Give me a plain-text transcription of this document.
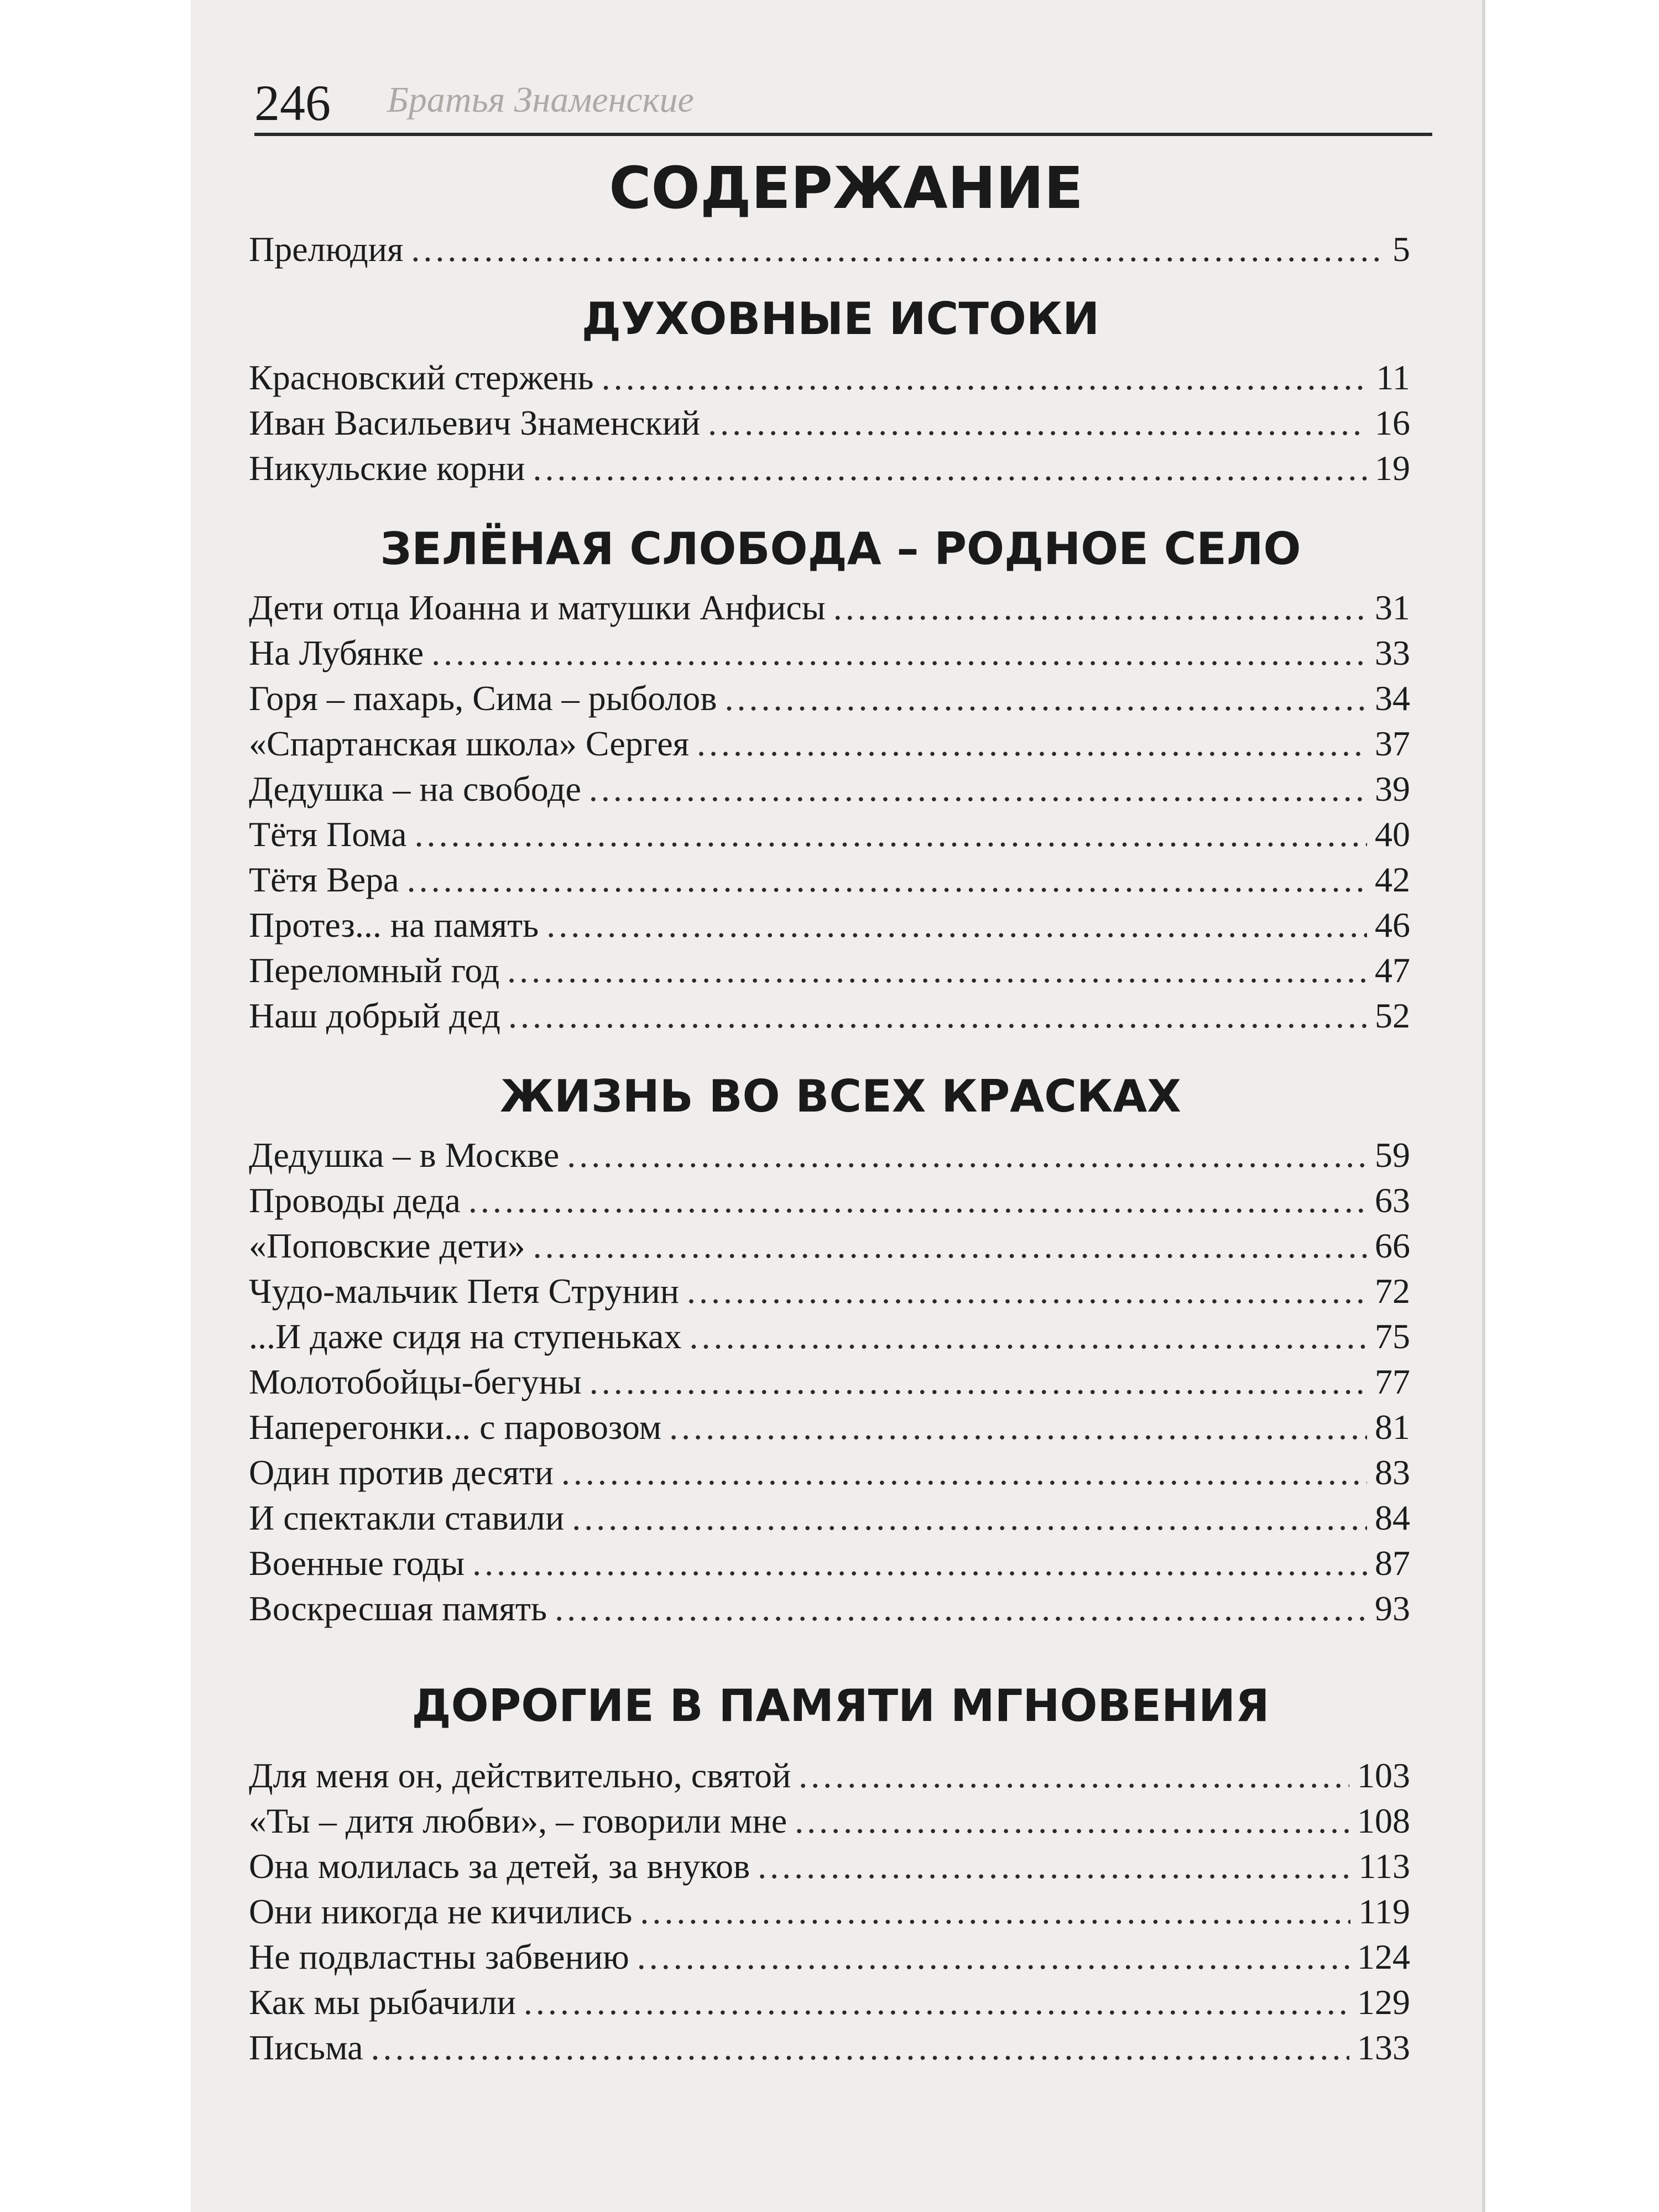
246 Братья Знаменские
СОДЕРЖАНИЕ
Прелюдия .....	5
ДУХОВНЫЕ ИСТОКИ
Красновский стержень .....	11
Иван Васильевич Знаменский .....	16
Никульские корни .....	19
ЗЕЛЁНАЯ СЛОБОДА – РОДНОЕ СЕЛО
Дети отца Иоанна и матушки Анфисы .....	31
На Лубянке .....	33
Горя – пахарь, Сима – рыболов .....	34
«Спартанская школа» Сергея .....	37
Дедушка – на свободе .....	39
Тётя Пома .....	40
Тётя Вера .....	42
Протез... на память .....	46
Переломный год .....	47
Наш добрый дед .....	52
ЖИЗНЬ ВО ВСЕХ КРАСКАХ
Дедушка – в Москве .....	59
Проводы деда .....	63
«Поповские дети» .....	66
Чудо-мальчик Петя Струнин .....	72
...И даже сидя на ступеньках .....	75
Молотобойцы-бегуны .....	77
Наперегонки... с паровозом .....	81
Один против десяти .....	83
И спектакли ставили .....	84
Военные годы .....	87
Воскресшая память .....	93
ДОРОГИЕ В ПАМЯТИ МГНОВЕНИЯ
Для меня он, действительно, святой .....	103
«Ты – дитя любви», – говорили мне .....	108
Она молилась за детей, за внуков .....	113
Они никогда не кичились .....	119
Не подвластны забвению .....	124
Как мы рыбачили .....	129
Письма .....	133
